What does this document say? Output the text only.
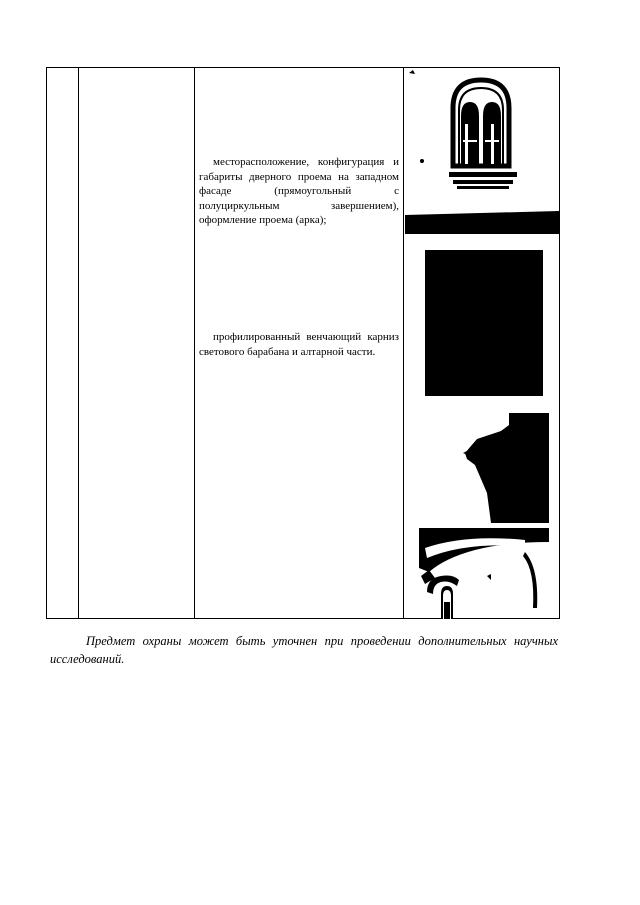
месторасположение, конфигурация и габариты дверного проема на западном фасаде (прямоугольный с полуциркульным завершением), оформление проема (арка);

профилированный венчающий карниз светового барабана и алтарной части.

Предмет охраны может быть уточнен при проведении дополнительных научных исследований.
